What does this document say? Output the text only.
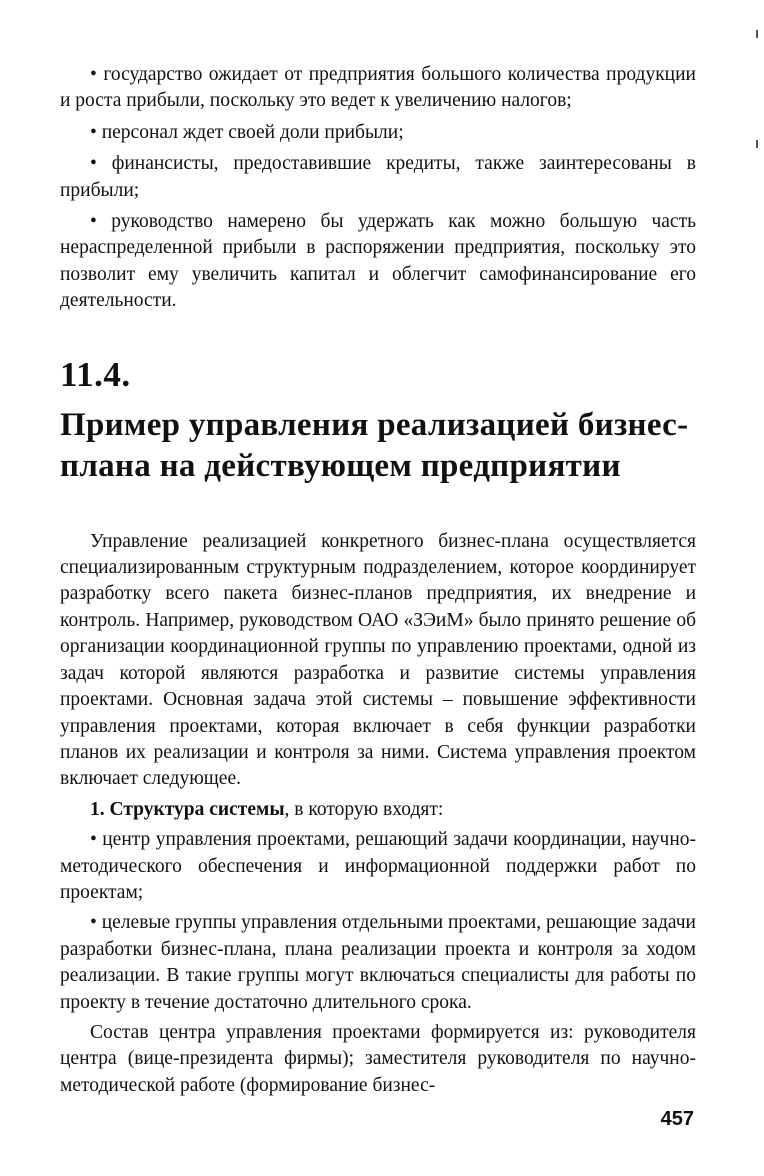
• государство ожидает от предприятия большого количества продукции и роста прибыли, поскольку это ведет к увеличению налогов;

• персонал ждет своей доли прибыли;

• финансисты, предоставившие кредиты, также заинтересованы в прибыли;

• руководство намерено бы удержать как можно большую часть нераспределенной прибыли в распоряжении предприятия, поскольку это позволит ему увеличить капитал и облегчит самофинансирование его деятельности.

11.4.
Пример управления реализацией бизнес-плана на действующем предприятии

Управление реализацией конкретного бизнес-плана осуществляется специализированным структурным подразделением, которое координирует разработку всего пакета бизнес-планов предприятия, их внедрение и контроль. Например, руководством ОАО «ЗЭиМ» было принято решение об организации координационной группы по управлению проектами, одной из задач которой являются разработка и развитие системы управления проектами. Основная задача этой системы – повышение эффективности управления проектами, которая включает в себя функции разработки планов их реализации и контроля за ними. Система управления проектом включает следующее.

1. Структура системы, в которую входят:

• центр управления проектами, решающий задачи координации, научно-методического обеспечения и информационной поддержки работ по проектам;

• целевые группы управления отдельными проектами, решающие задачи разработки бизнес-плана, плана реализации проекта и контроля за ходом реализации. В такие группы могут включаться специалисты для работы по проекту в течение достаточно длительного срока.

Состав центра управления проектами формируется из: руководителя центра (вице-президента фирмы); заместителя руководителя по научно-методической работе (формирование бизнес-

457
